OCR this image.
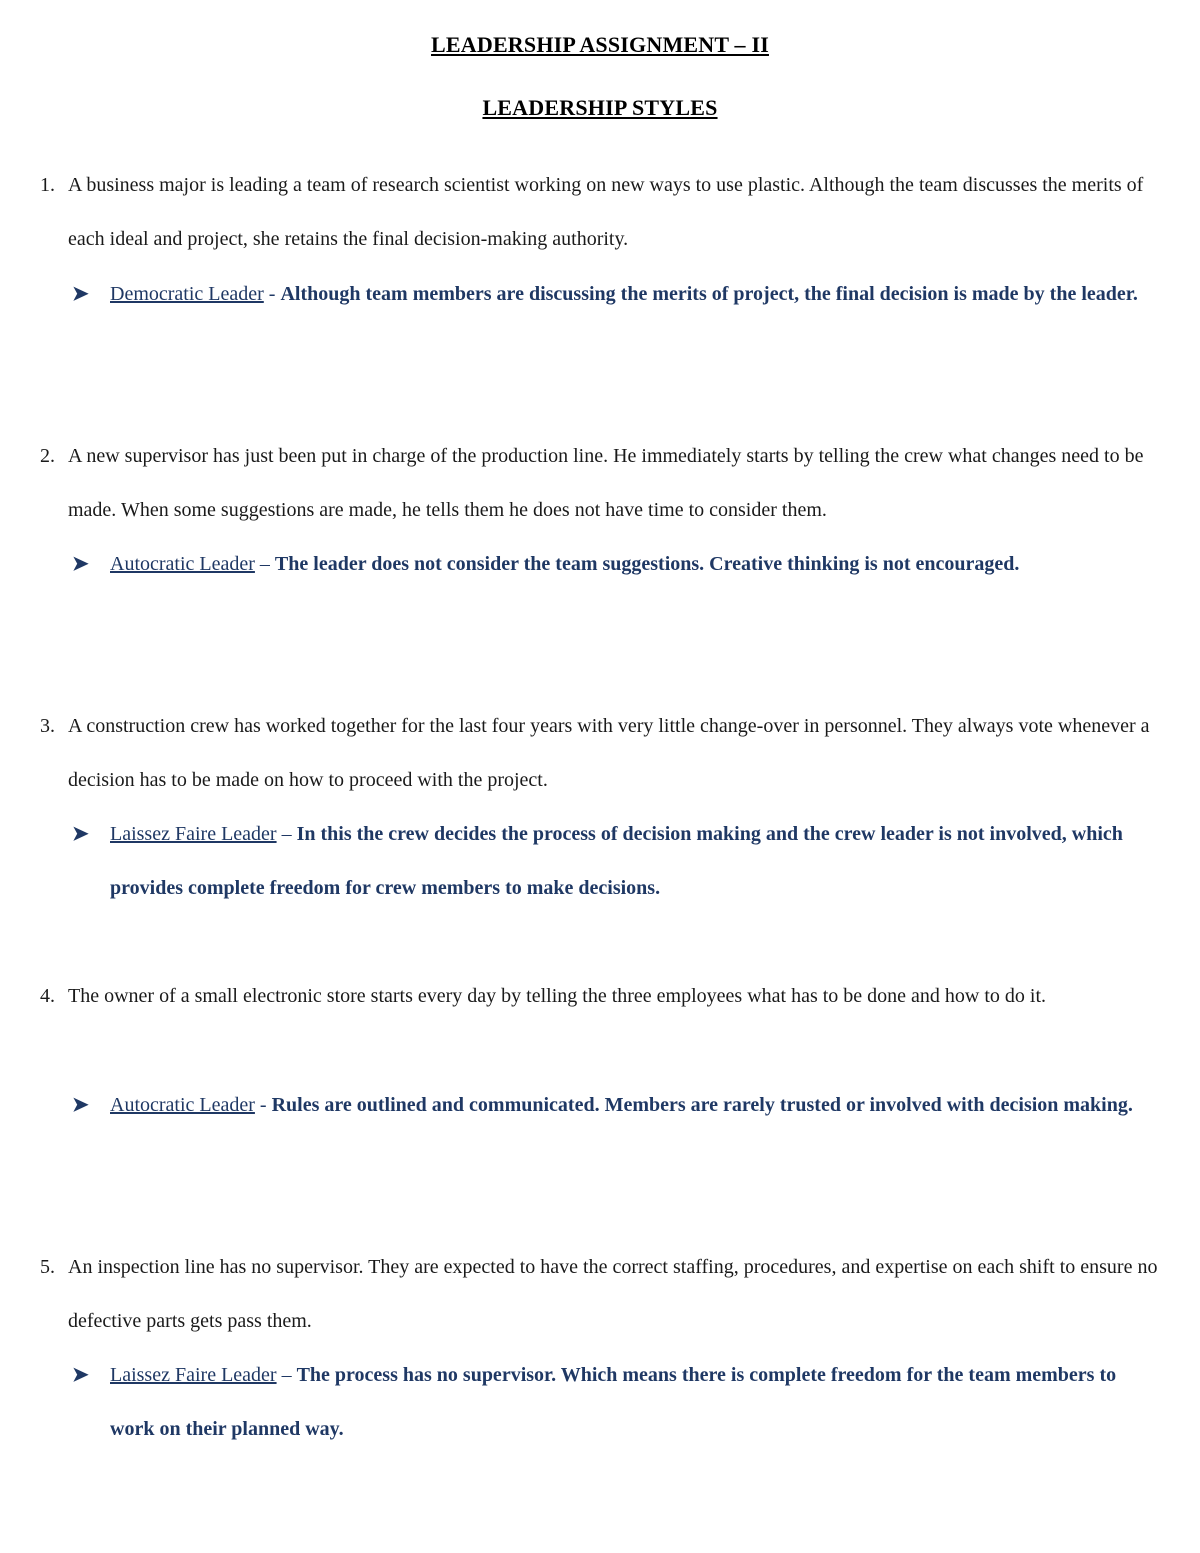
LEADERSHIP ASSIGNMENT – II
LEADERSHIP STYLES
1. A business major is leading a team of research scientist working on new ways to use plastic. Although the team discusses the merits of each ideal and project, she retains the final decision-making authority.
➤	Democratic Leader - Although team members are discussing the merits of project, the final decision is made by the leader.
2. A new supervisor has just been put in charge of the production line. He immediately starts by telling the crew what changes need to be made. When some suggestions are made, he tells them he does not have time to consider them.
➤	Autocratic Leader – The leader does not consider the team suggestions. Creative thinking is not encouraged.
3. A construction crew has worked together for the last four years with very little change-over in personnel. They always vote whenever a decision has to be made on how to proceed with the project.
➤	Laissez Faire Leader – In this the crew decides the process of decision making and the crew leader is not involved, which provides complete freedom for crew members to make decisions.
4. The owner of a small electronic store starts every day by telling the three employees what has to be done and how to do it.
➤	Autocratic Leader - Rules are outlined and communicated. Members are rarely trusted or involved with decision making.
5. An inspection line has no supervisor. They are expected to have the correct staffing, procedures, and expertise on each shift to ensure no defective parts gets pass them.
➤	Laissez Faire Leader – The process has no supervisor. Which means there is complete freedom for the team members to work on their planned way.
